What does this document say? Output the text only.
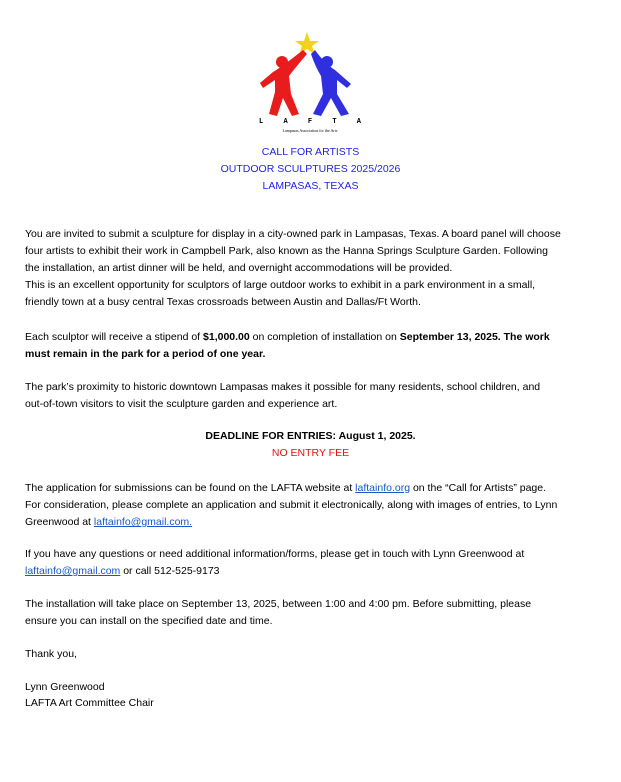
L	A	F	T	A
Lampasas Association for the Arts
CALL FOR ARTISTS
OUTDOOR SCULPTURES 2025/2026
LAMPASAS, TEXAS
You are invited to submit a sculpture for display in a city-owned park in Lampasas, Texas. A board panel will choose
four artists to exhibit their work in Campbell Park, also known as the Hanna Springs Sculpture Garden. Following
the installation, an artist dinner will be held, and overnight accommodations will be provided.
This is an excellent opportunity for sculptors of large outdoor works to exhibit in a park environment in a small,
friendly town at a busy central Texas crossroads between Austin and Dallas/Ft Worth.
Each sculptor will receive a stipend of $1,000.00 on completion of installation on September 13, 2025. The work
must remain in the park for a period of one year.
The park’s proximity to historic downtown Lampasas makes it possible for many residents, school children, and
out-of-town visitors to visit the sculpture garden and experience art.
DEADLINE FOR ENTRIES: August 1, 2025.
NO ENTRY FEE
The application for submissions can be found on the LAFTA website at laftainfo.org on the “Call for Artists” page.
For consideration, please complete an application and submit it electronically, along with images of entries, to Lynn
Greenwood at laftainfo@gmail.com.
If you have any questions or need additional information/forms, please get in touch with Lynn Greenwood at
laftainfo@gmail.com or call 512-525-9173
The installation will take place on September 13, 2025, between 1:00 and 4:00 pm. Before submitting, please
ensure you can install on the specified date and time.
Thank you,
Lynn Greenwood
LAFTA Art Committee Chair
